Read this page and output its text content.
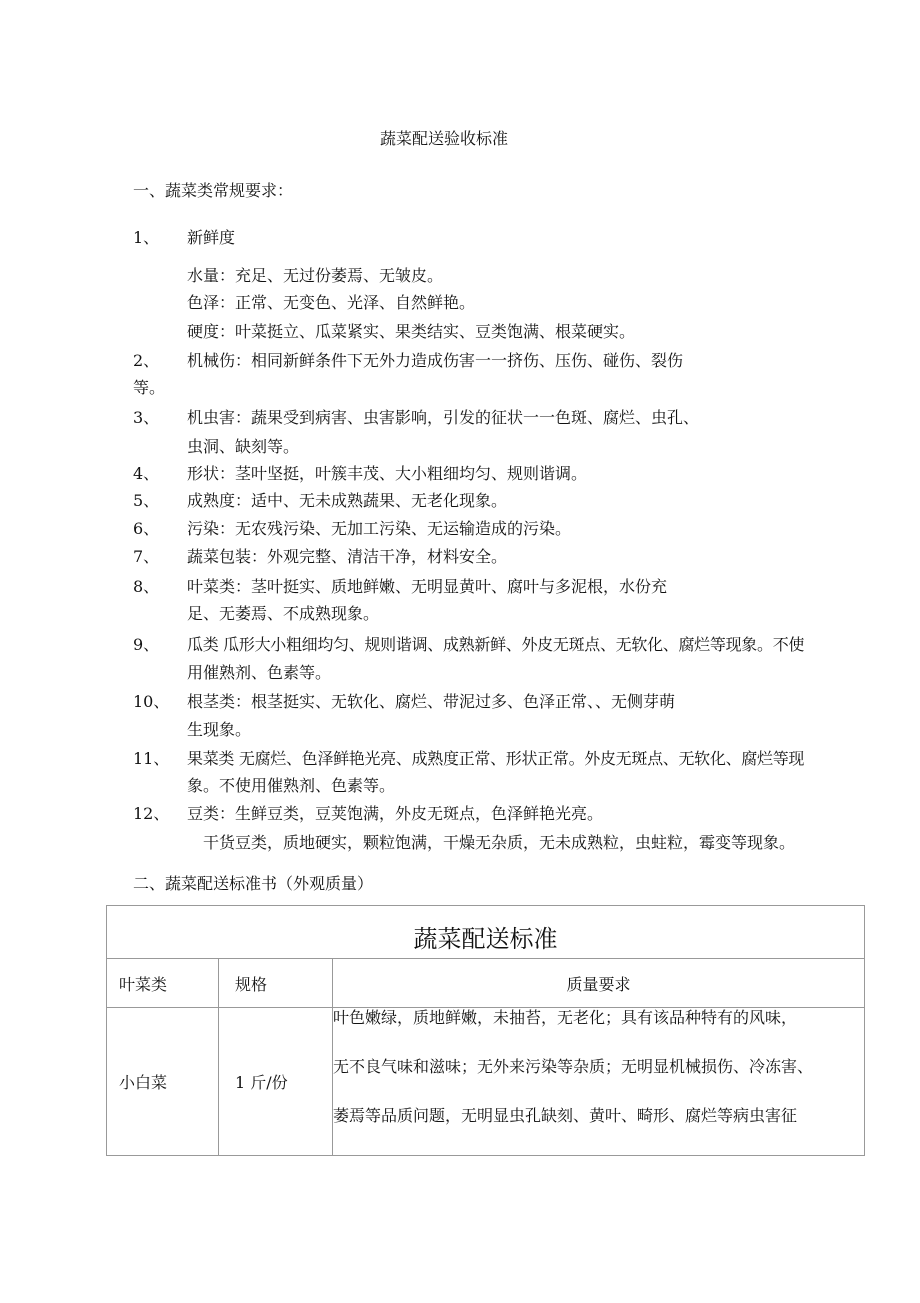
蔬菜配送验收标准
一、蔬菜类常规要求：
1、 新鲜度
水量：充足、无过份萎焉、无皱皮。
色泽：正常、无变色、光泽、自然鲜艳。
硬度：叶菜挺立、瓜菜紧实、果类结实、豆类饱满、根菜硬实。
2、 机械伤：相同新鲜条件下无外力造成伤害一一挤伤、压伤、碰伤、裂伤
等。
3、 机虫害：蔬果受到病害、虫害影响，引发的征状一一色斑、腐烂、虫孔、
虫洞、缺刻等。
4、 形状：茎叶坚挺，叶簇丰茂、大小粗细均匀、规则谐调。
5、 成熟度：适中、无未成熟蔬果、无老化现象。
6、 污染：无农残污染、无加工污染、无运输造成的污染。
7、 蔬菜包装：外观完整、清洁干净，材料安全。
8、 叶菜类：茎叶挺实、质地鲜嫩、无明显黄叶、腐叶与多泥根，水份充
足、无萎焉、不成熟现象。
9、 瓜类 瓜形大小粗细均匀、规则谐调、成熟新鲜、外皮无斑点、无软化、腐烂等现象。不使
用催熟剂、色素等。
10、 根茎类：根茎挺实、无软化、腐烂、带泥过多、色泽正常、、无侧芽萌
生现象。
11、 果菜类 无腐烂、色泽鲜艳光亮、成熟度正常、形状正常。外皮无斑点、无软化、腐烂等现
象。不使用催熟剂、色素等。
12、 豆类：生鲜豆类，豆荚饱满，外皮无斑点，色泽鲜艳光亮。
干货豆类，质地硬实，颗粒饱满，干燥无杂质，无未成熟粒，虫蛀粒，霉变等现象。
二、蔬菜配送标准书（外观质量）
蔬菜配送标准		
叶菜类	规格	质量要求
小白菜	1 斤/份	叶色嫩绿，质地鲜嫩，未抽苔，无老化；具有该品种特有的风味，
无不良气味和滋味；无外来污染等杂质；无明显机械损伤、冷冻害、
萎焉等品质问题，无明显虫孔缺刻、黄叶、畸形、腐烂等病虫害征
